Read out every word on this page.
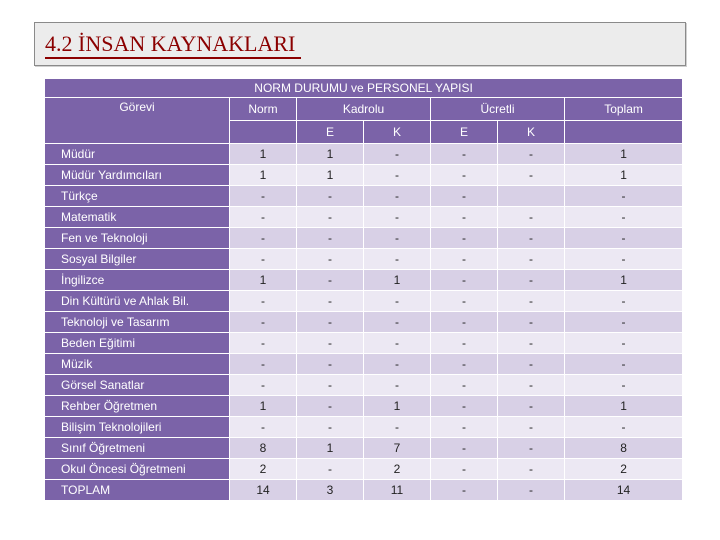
4.2 İNSAN KAYNAKLARI
NORM DURUMU ve PERSONEL YAPISI						
Görevi	Norm	Kadrolu		Ücretli		Toplam
		E	K	E	K	
Müdür	1	1	-	-	-	1
Müdür Yardımcıları	1	1	-	-	-	1
Türkçe	-	-	-	-		-
Matematik	-	-	-	-	-	-
Fen ve Teknoloji	-	-	-	-	-	-
Sosyal Bilgiler	-	-	-	-	-	-
İngilizce	1	-	1	-	-	1
Din Kültürü ve Ahlak Bil.	-	-	-	-	-	-
Teknoloji ve Tasarım	-	-	-	-	-	-
Beden Eğitimi	-	-	-	-	-	-
Müzik	-	-	-	-	-	-
Görsel Sanatlar	-	-	-	-	-	-
Rehber Öğretmen	1	-	1	-	-	1
Bilişim Teknolojileri	-	-	-	-	-	-
Sınıf Öğretmeni	8	1	7	-	-	8
Okul Öncesi Öğretmeni	2	-	2	-	-	2
TOPLAM	14	3	11	-	-	14
